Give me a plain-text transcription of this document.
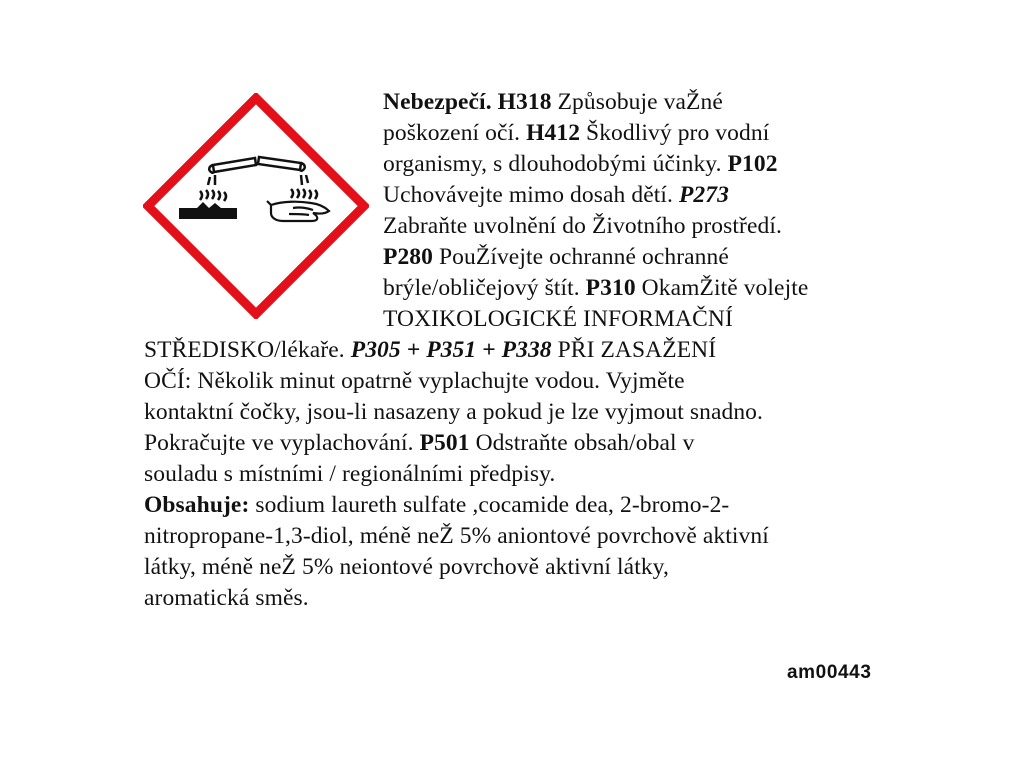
Nebezpečí. H318 Způsobuje vaŽné

poškození očí. H412 Škodlivý pro vodní

organismy, s dlouhodobými účinky. P102

Uchovávejte mimo dosah dětí. P273

Zabraňte uvolnění do Životního prostředí.

P280 PouŽívejte ochranné ochranné

brýle/obličejový štít. P310 OkamŽitě volejte

TOXIKOLOGICKÉ INFORMAČNÍ

STŘEDISKO/lékaře. P305 + P351 + P338 PŘI ZASAŽENÍ

OČÍ: Několik minut opatrně vyplachujte vodou. Vyjměte

kontaktní čočky, jsou-li nasazeny a pokud je lze vyjmout snadno.

Pokračujte ve vyplachování. P501 Odstraňte obsah/obal v

souladu s místními / regionálními předpisy.

Obsahuje: sodium laureth sulfate ,cocamide dea, 2-bromo-2-

nitropropane-1,3-diol, méně neŽ 5% aniontové povrchově aktivní

látky, méně neŽ 5% neiontové povrchově aktivní látky,

aromatická směs.

am00443
